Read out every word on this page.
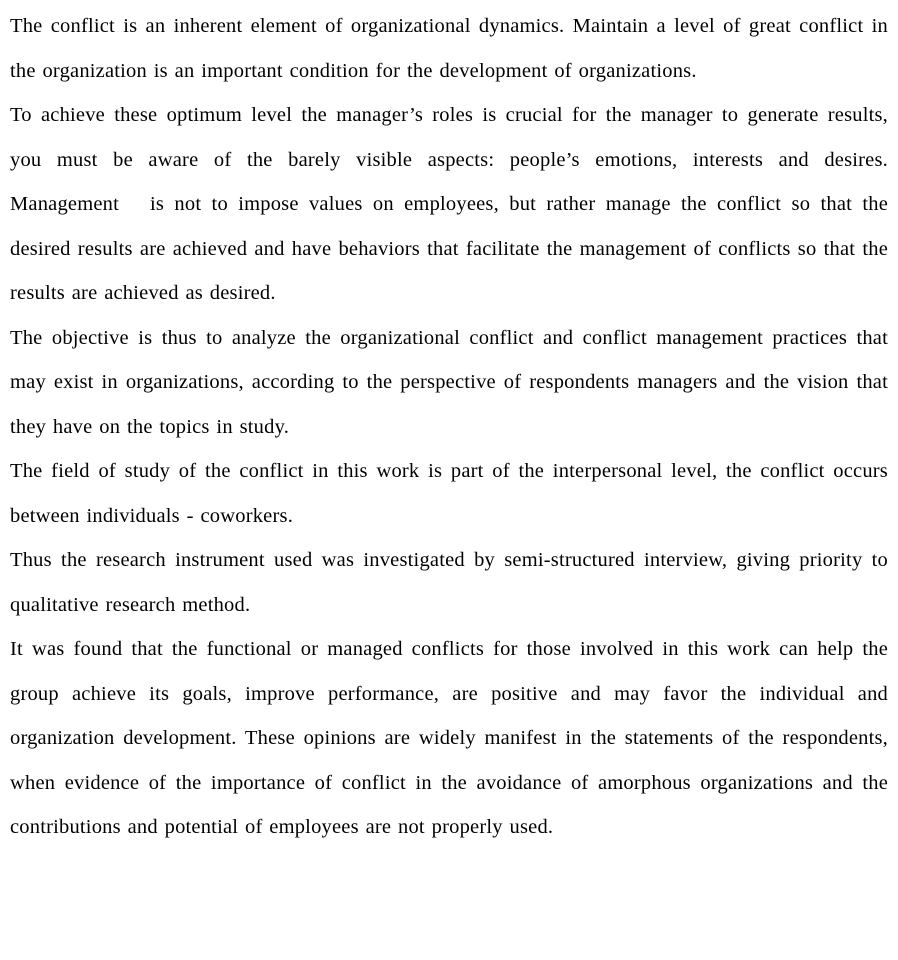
The conflict is an inherent element of organizational dynamics. Maintain a level of great conflict in the organization is an important condition for the development of organizations.

To achieve these optimum level the manager’s roles is crucial for the manager to generate results, you must be aware of the barely visible aspects: people’s emotions, interests and desires. Management   is not to impose values on employees, but rather manage the conflict so that the desired results are achieved and have behaviors that facilitate the management of conflicts so that the results are achieved as desired.

The objective is thus to analyze the organizational conflict and conflict management practices that may exist in organizations, according to the perspective of respondents managers and the vision that they have on the topics in study.

The field of study of the conflict in this work is part of the interpersonal level, the conflict occurs between individuals - coworkers.

Thus the research instrument used was investigated by semi-structured interview, giving priority to qualitative research method.

It was found that the functional or managed conflicts for those involved in this work can help the group achieve its goals, improve performance, are positive and may favor the individual and organization development. These opinions are widely manifest in the statements of the respondents, when evidence of the importance of conflict in the avoidance of amorphous organizations and the contributions and potential of employees are not properly used.
